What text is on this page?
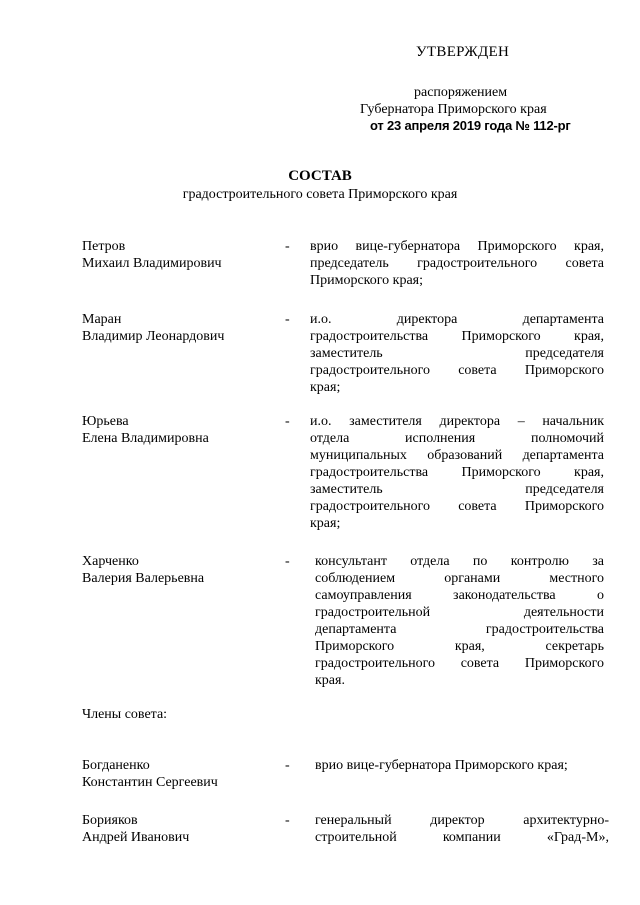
УТВЕРЖДЕН
распоряжением
Губернатора Приморского края
от 23 апреля 2019 года № 112-рг
СОСТАВ
градостроительного совета Приморского края
Петров
Михаил Владимирович
- врио вице-губернатора Приморского края,
председатель градостроительного совета
Приморского края;
Маран
Владимир Леонардович
- и.о. директора департамента
градостроительства Приморского края,
заместитель председателя
градостроительного совета Приморского
края;
Юрьева
Елена Владимировна
- и.о. заместителя директора – начальник
отдела исполнения полномочий
муниципальных образований департамента
градостроительства Приморского края,
заместитель председателя
градостроительного совета Приморского
края;
Харченко
Валерия Валерьевна
- консультант отдела по контролю за
соблюдением органами местного
самоуправления законодательства о
градостроительной деятельности
департамента градостроительства
Приморского края, секретарь
градостроительного совета Приморского
края.
Члены совета:
Богданенко
Константин Сергеевич
- врио вице-губернатора Приморского края;
Борияков
Андрей Иванович
- генеральный директор архитектурно-
строительной компании «Град-М»,
